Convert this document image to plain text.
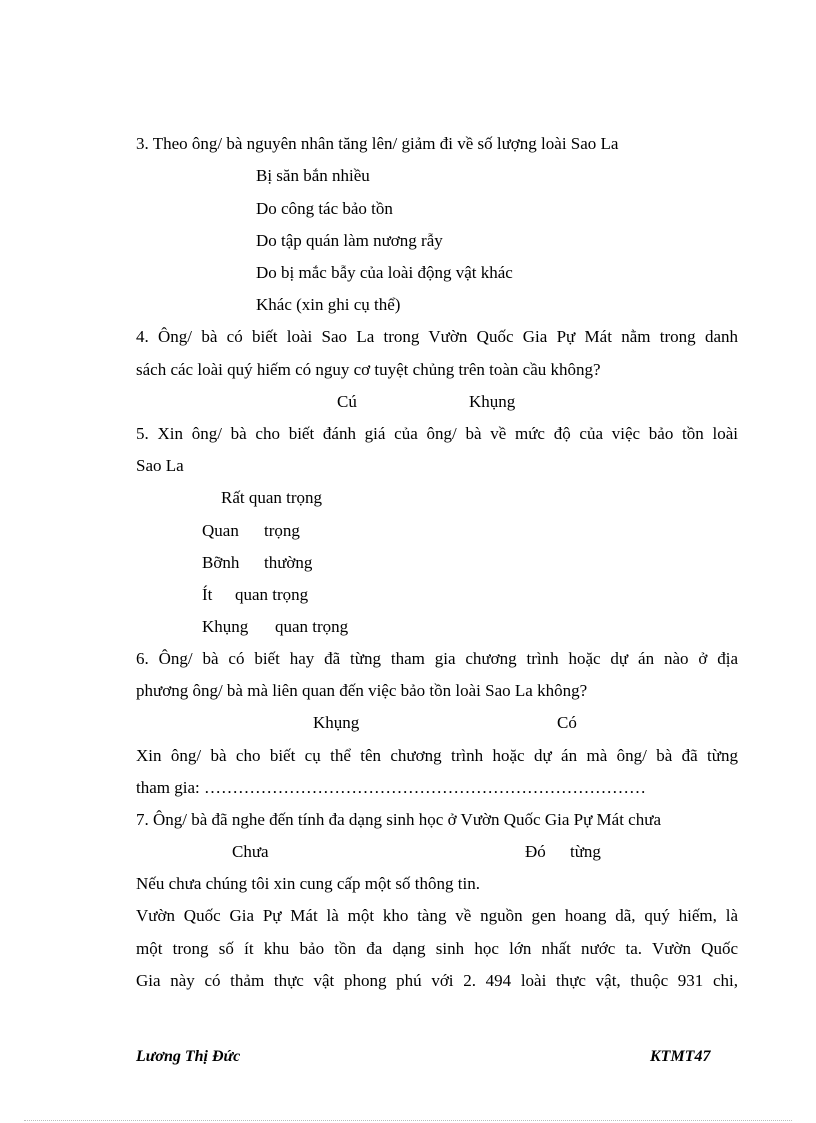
3. Theo ông/ bà nguyên nhân tăng lên/ giảm đi về số lượng loài Sao La
Bị săn bắn nhiều
Do công tác bảo tồn
Do tập quán làm nương rẫy
Do bị mắc bẫy của loài động vật khác
Khác (xin ghi cụ thể)
4. Ông/ bà có biết loài Sao La trong Vườn Quốc Gia Pự Mát nằm trong danh
sách các loài quý hiếm có nguy cơ tuyệt chủng trên toàn cầu không?
Cú	Khụng
5. Xin ông/ bà cho biết đánh giá của ông/ bà về mức độ của việc bảo tồn loài
Sao La
Rất quan trọng
Quan trọng
Bỡnh thường
Ít quan trọng
Khụng quan trọng
6. Ông/ bà có biết hay đã từng tham gia chương trình hoặc dự án nào ở địa
phương ông/ bà mà liên quan đến việc bảo tồn loài Sao La không?
Khụng	Có
Xin ông/ bà cho biết cụ thể tên chương trình hoặc dự án mà ông/ bà đã từng
tham gia: ……………………………………………………………………
7. Ông/ bà đã nghe đến tính đa dạng sinh học ở Vườn Quốc Gia Pự Mát chưa
Chưa	Đó từng
Nếu chưa chúng tôi xin cung cấp một số thông tin.
Vườn Quốc Gia Pự Mát là một kho tàng về nguồn gen hoang dã, quý hiếm, là
một trong số ít khu bảo tồn đa dạng sinh học lớn nhất nước ta. Vườn Quốc
Gia này có thảm thực vật phong phú với 2. 494 loài thực vật, thuộc 931 chi,
Lương Thị Đức	KTMT47
